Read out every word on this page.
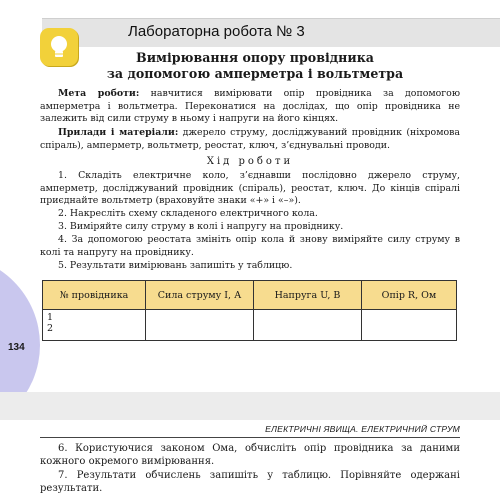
Лабораторна робота № 3
Вимірювання опору провідника
за допомогою амперметра і вольтметра
Мета роботи: навчитися вимірювати опір провідника за допомогою амперметра і вольтметра. Переконатися на дослідах, що опір провідника не залежить від сили струму в ньому і напруги на його кінцях.
Прилади і матеріали: джерело струму, досліджуваний провідник (ніхромова спіраль), амперметр, вольтметр, реостат, ключ, з’єднувальні проводи.
Хід роботи
1. Складіть електричне коло, з’єднавши послідовно джерело струму, амперметр, досліджуваний провідник (спіраль), реостат, ключ. До кінців спіралі приєднайте вольтметр (враховуйте знаки «+» і «–»).
2. Накресліть схему складеного електричного кола.
3. Виміряйте силу струму в колі і напругу на провіднику.
4. За допомогою реостата змініть опір кола й знову виміряйте силу струму в колі та напругу на провіднику.
5. Результати вимірювань запишіть у таблицю.
№ провідника	Сила струму I, А	Напруга U, В	Опір R, Ом

1
2			

134
ЕЛЕКТРИЧНІ ЯВИЩА. ЕЛЕКТРИЧНИЙ СТРУМ
6. Користуючися законом Ома, обчисліть опір провідника за даними кожного окремого вимірювання.
7. Результати обчислень запишіть у таблицю. Порівняйте одержані результати.
